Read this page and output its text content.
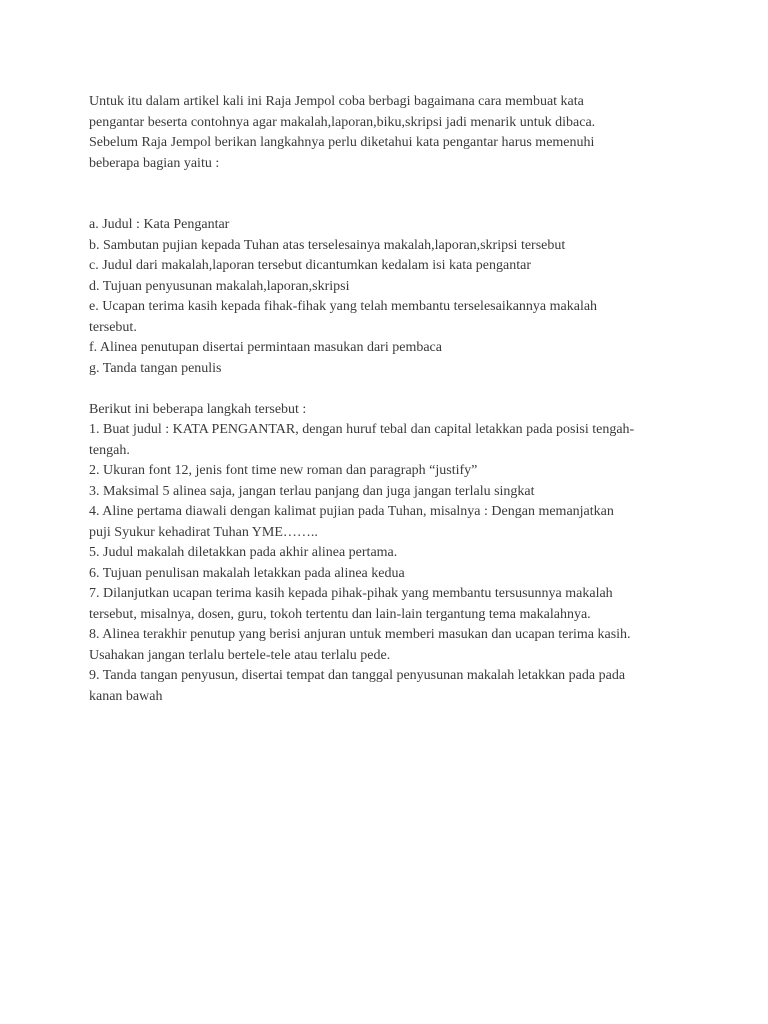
Untuk itu dalam artikel kali ini Raja Jempol coba berbagi bagaimana cara membuat kata
pengantar beserta contohnya agar makalah,laporan,biku,skripsi jadi menarik untuk dibaca.
Sebelum Raja Jempol berikan langkahnya perlu diketahui kata pengantar harus memenuhi
beberapa bagian yaitu :
a. Judul : Kata Pengantar
b. Sambutan pujian kepada Tuhan atas terselesainya makalah,laporan,skripsi tersebut
c. Judul dari makalah,laporan tersebut dicantumkan kedalam isi kata pengantar
d. Tujuan penyusunan makalah,laporan,skripsi
e. Ucapan terima kasih kepada fihak-fihak yang telah membantu terselesaikannya makalah
tersebut.
f. Alinea penutupan disertai permintaan masukan dari pembaca
g. Tanda tangan penulis
Berikut ini beberapa langkah tersebut :
1. Buat judul : KATA PENGANTAR, dengan huruf tebal dan capital letakkan pada posisi tengah-
tengah.
2. Ukuran font 12, jenis font time new roman dan paragraph “justify”
3. Maksimal 5 alinea saja, jangan terlau panjang dan juga jangan terlalu singkat
4. Aline pertama diawali dengan kalimat pujian pada Tuhan, misalnya : Dengan memanjatkan
puji Syukur kehadirat Tuhan YME……..
5. Judul makalah diletakkan pada akhir alinea pertama.
6. Tujuan penulisan makalah letakkan pada alinea kedua
7. Dilanjutkan ucapan terima kasih kepada pihak-pihak yang membantu tersusunnya makalah
tersebut, misalnya, dosen, guru, tokoh tertentu dan lain-lain tergantung tema makalahnya.
8. Alinea terakhir penutup yang berisi anjuran untuk memberi masukan dan ucapan terima kasih.
Usahakan jangan terlalu bertele-tele atau terlalu pede.
9. Tanda tangan penyusun, disertai tempat dan tanggal penyusunan makalah letakkan pada pada
kanan bawah
